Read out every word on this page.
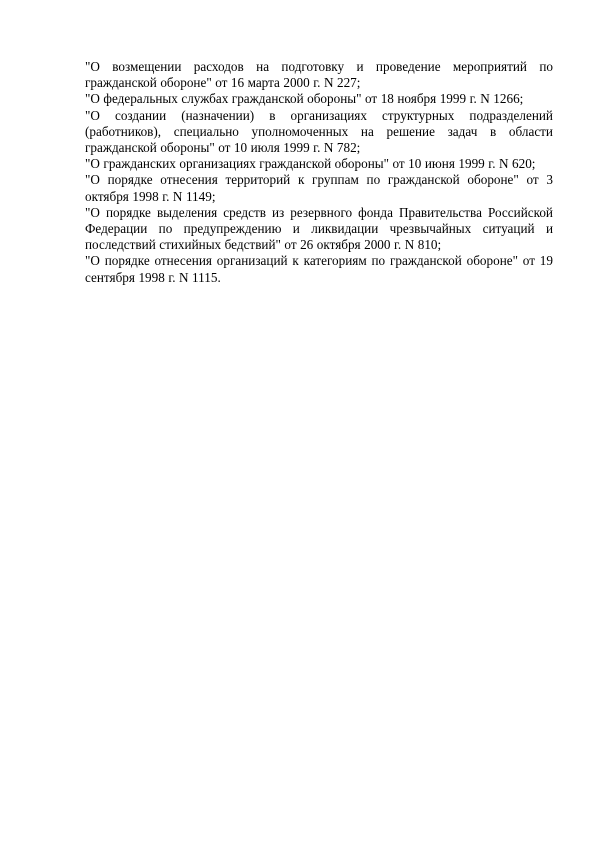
"О возмещении расходов на подготовку и проведение мероприятий по гражданской обороне" от 16 марта 2000 г. N 227;

"О федеральных службах гражданской обороны" от 18 ноября 1999 г. N 1266;

"О создании (назначении) в организациях структурных подразделений (работников), специально уполномоченных на решение задач в области гражданской обороны" от 10 июля 1999 г. N 782;

"О гражданских организациях гражданской обороны" от 10 июня 1999 г. N 620;

"О порядке отнесения территорий к группам по гражданской обороне" от 3 октября 1998 г. N 1149;

"О порядке выделения средств из резервного фонда Правительства Российской Федерации по предупреждению и ликвидации чрезвычайных ситуаций и последствий стихийных бедствий" от 26 октября 2000 г. N 810;

"О порядке отнесения организаций к категориям по гражданской обороне" от 19 сентября 1998 г. N 1115.
